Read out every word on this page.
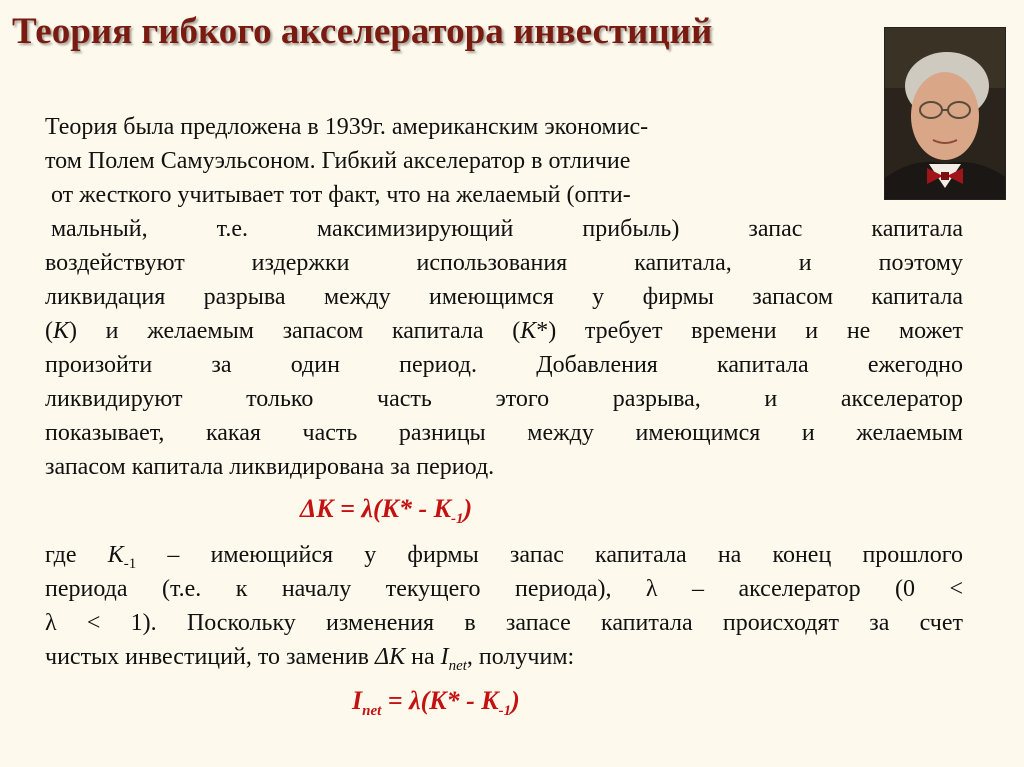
Теория гибкого акселератора инвестиций
Теория была предложена в 1939г. американским экономис-
том Полем Самуэльсоном. Гибкий акселератор в отличие
от жесткого учитывает тот факт, что на желаемый (опти-
мальный, т.е. максимизирующий прибыль) запас капитала
воздействуют издержки использования капитала, и поэтому
ликвидация разрыва между имеющимся у фирмы запасом капитала
(K) и желаемым запасом капитала (K*) требует времени и не может
произойти за один период. Добавления капитала ежегодно
ликвидируют только часть этого разрыва, и акселератор
показывает, какая часть разницы между имеющимся и желаемым
запасом капитала ликвидирована за период.
$\Delta K = \lambda(K* - K_{-1})$
где $K_{-1}$ – имеющийся у фирмы запас капитала на конец прошлого
периода (т.е. к началу текущего периода), λ – акселератор (0 <
λ < 1). Поскольку изменения в запасе капитала происходят за счет
чистых инвестиций, то заменив ΔK на $I_{net}$, получим:
$I_{net} = \lambda(K* - K_{-1})$
